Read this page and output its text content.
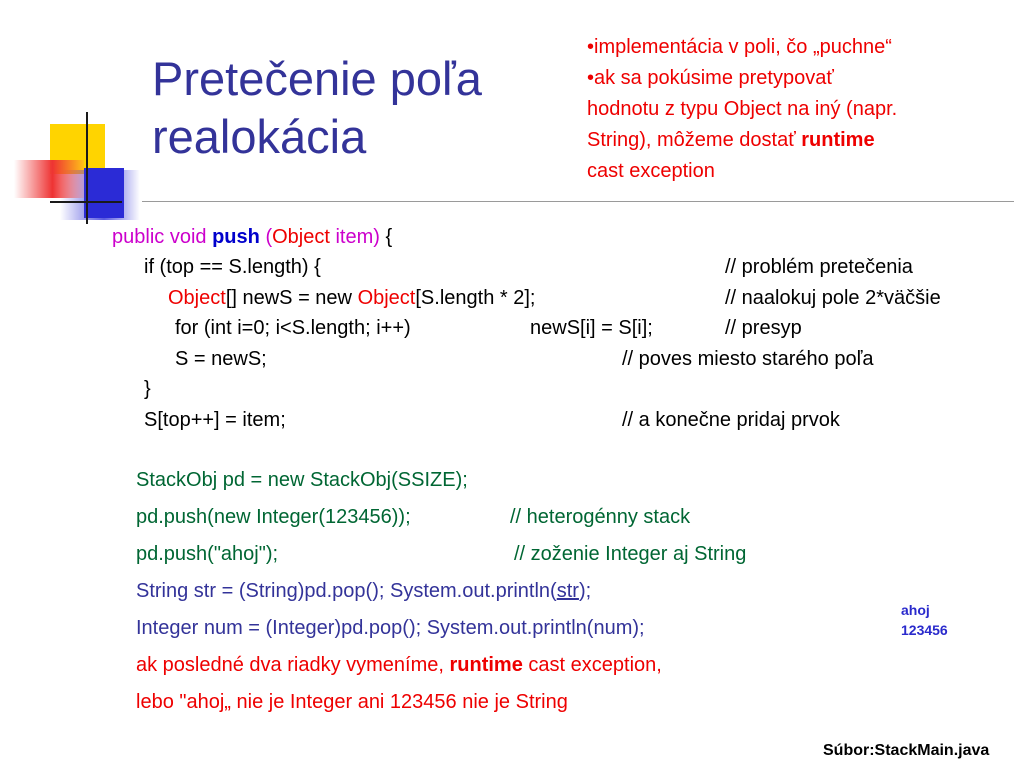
Pretečenie poľa
realokácia
•implementácia v poli, čo „puchne“
•ak sa pokúsime pretypovať
hodnotu z typu Object na iný (napr.
String), môžeme dostať runtime
cast exception
public void push (Object item) {
if (top == S.length) {	// problém pretečenia
Object[] newS = new Object[S.length * 2];	// naalokuj pole 2*väčšie
for (int i=0; i<S.length; i++)	newS[i] = S[i];	// presyp
S = newS;	// poves miesto starého poľa
}
S[top++] = item;	// a konečne pridaj prvok
StackObj pd = new StackObj(SSIZE);
pd.push(new Integer(123456));	// heterogénny stack
pd.push("ahoj");	// zoženie Integer aj String
String str = (String)pd.pop(); System.out.println(str);
Integer num = (Integer)pd.pop(); System.out.println(num);
ak posledné dva riadky vymeníme, runtime cast exception,
lebo "ahoj„ nie je Integer ani 123456 nie je String
ahoj
123456
Súbor:StackMain.java
